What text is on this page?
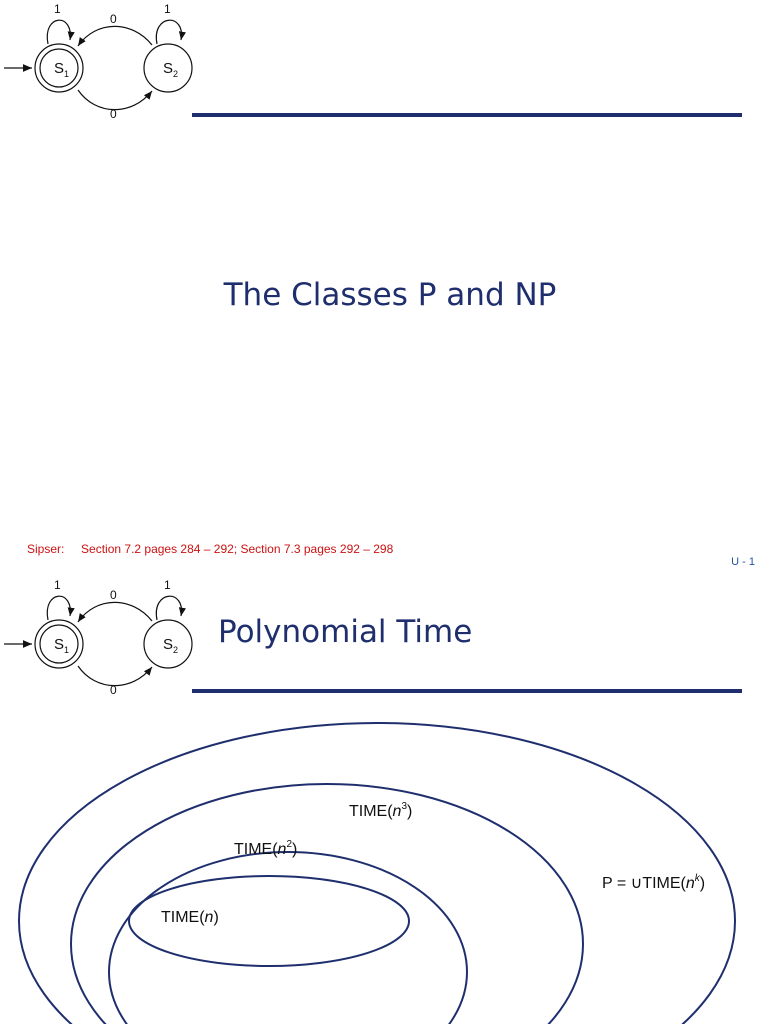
$S_1$	$S_2$
1	1
0
0
The Classes P and NP
Sipser: Section 7.2 pages 284 – 292; Section 7.3 pages 292 – 298
U - 1
$S_1$	$S_2$
1	1
0
0
Polynomial Time
$TIME(n^3)$
$TIME(n^2)$
TIME(n)
$P = \cup TIME(n^k)$
